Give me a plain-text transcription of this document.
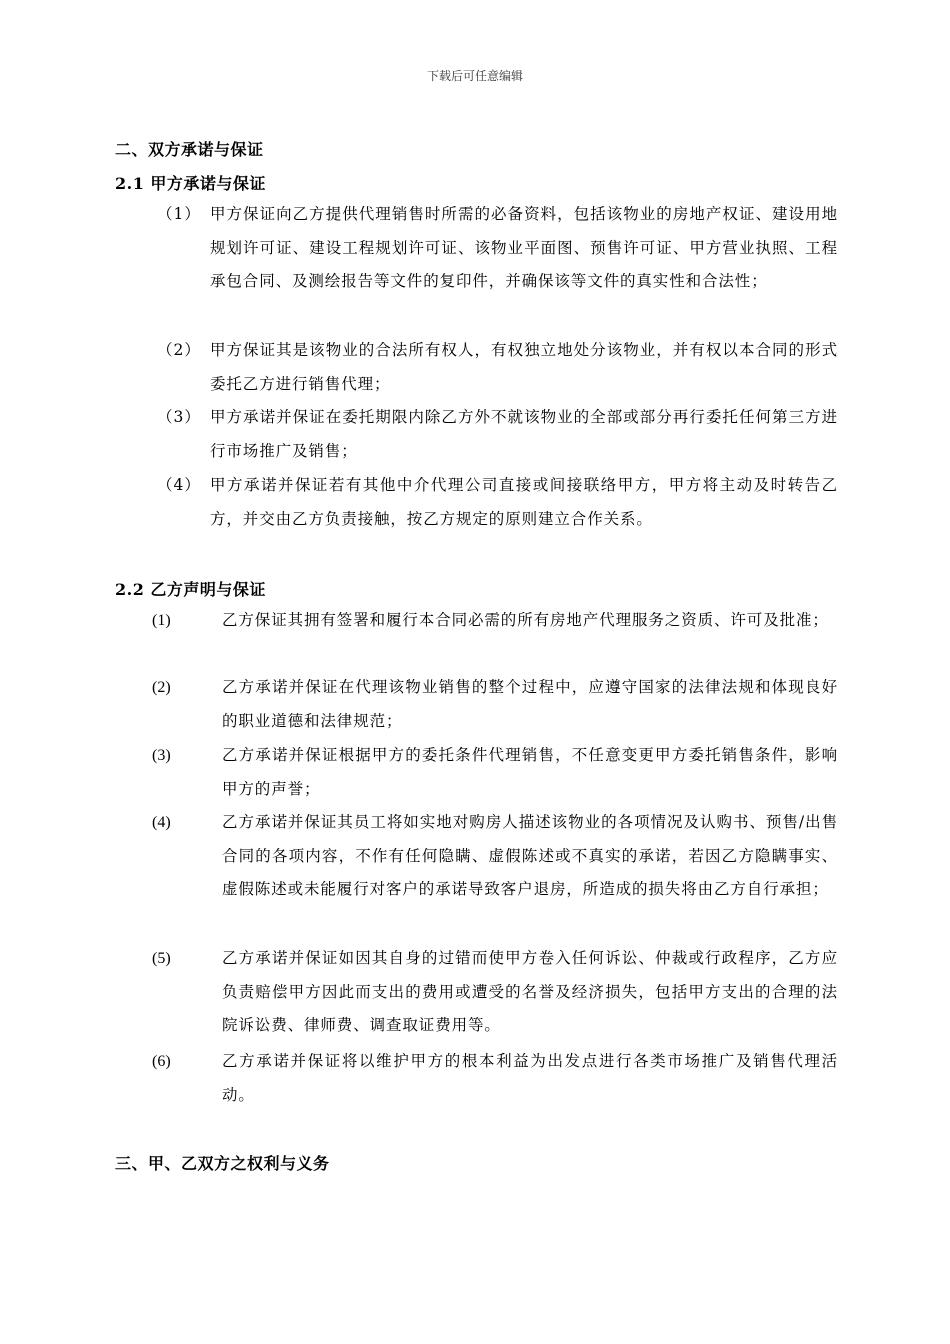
下载后可任意编辑
二、双方承诺与保证
2.1 甲方承诺与保证
（1） 甲方保证向乙方提供代理销售时所需的必备资料，包括该物业的房地产权证、建设用地规划许可证、建设工程规划许可证、该物业平面图、预售许可证、甲方营业执照、工程承包合同、及测绘报告等文件的复印件，并确保该等文件的真实性和合法性；
（2） 甲方保证其是该物业的合法所有权人，有权独立地处分该物业，并有权以本合同的形式委托乙方进行销售代理；
（3） 甲方承诺并保证在委托期限内除乙方外不就该物业的全部或部分再行委托任何第三方进行市场推广及销售；
（4） 甲方承诺并保证若有其他中介代理公司直接或间接联络甲方，甲方将主动及时转告乙方，并交由乙方负责接触，按乙方规定的原则建立合作关系。
2.2 乙方声明与保证
(1)	乙方保证其拥有签署和履行本合同必需的所有房地产代理服务之资质、许可及批准；
(2)	乙方承诺并保证在代理该物业销售的整个过程中，应遵守国家的法律法规和体现良好的职业道德和法律规范；
(3)	乙方承诺并保证根据甲方的委托条件代理销售，不任意变更甲方委托销售条件，影响甲方的声誉；
(4)	乙方承诺并保证其员工将如实地对购房人描述该物业的各项情况及认购书、预售/出售合同的各项内容，不作有任何隐瞒、虚假陈述或不真实的承诺，若因乙方隐瞒事实、虚假陈述或未能履行对客户的承诺导致客户退房，所造成的损失将由乙方自行承担；
(5)	乙方承诺并保证如因其自身的过错而使甲方卷入任何诉讼、仲裁或行政程序，乙方应负责赔偿甲方因此而支出的费用或遭受的名誉及经济损失，包括甲方支出的合理的法院诉讼费、律师费、调查取证费用等。
(6)	乙方承诺并保证将以维护甲方的根本利益为出发点进行各类市场推广及销售代理活动。
三、甲、乙双方之权利与义务
